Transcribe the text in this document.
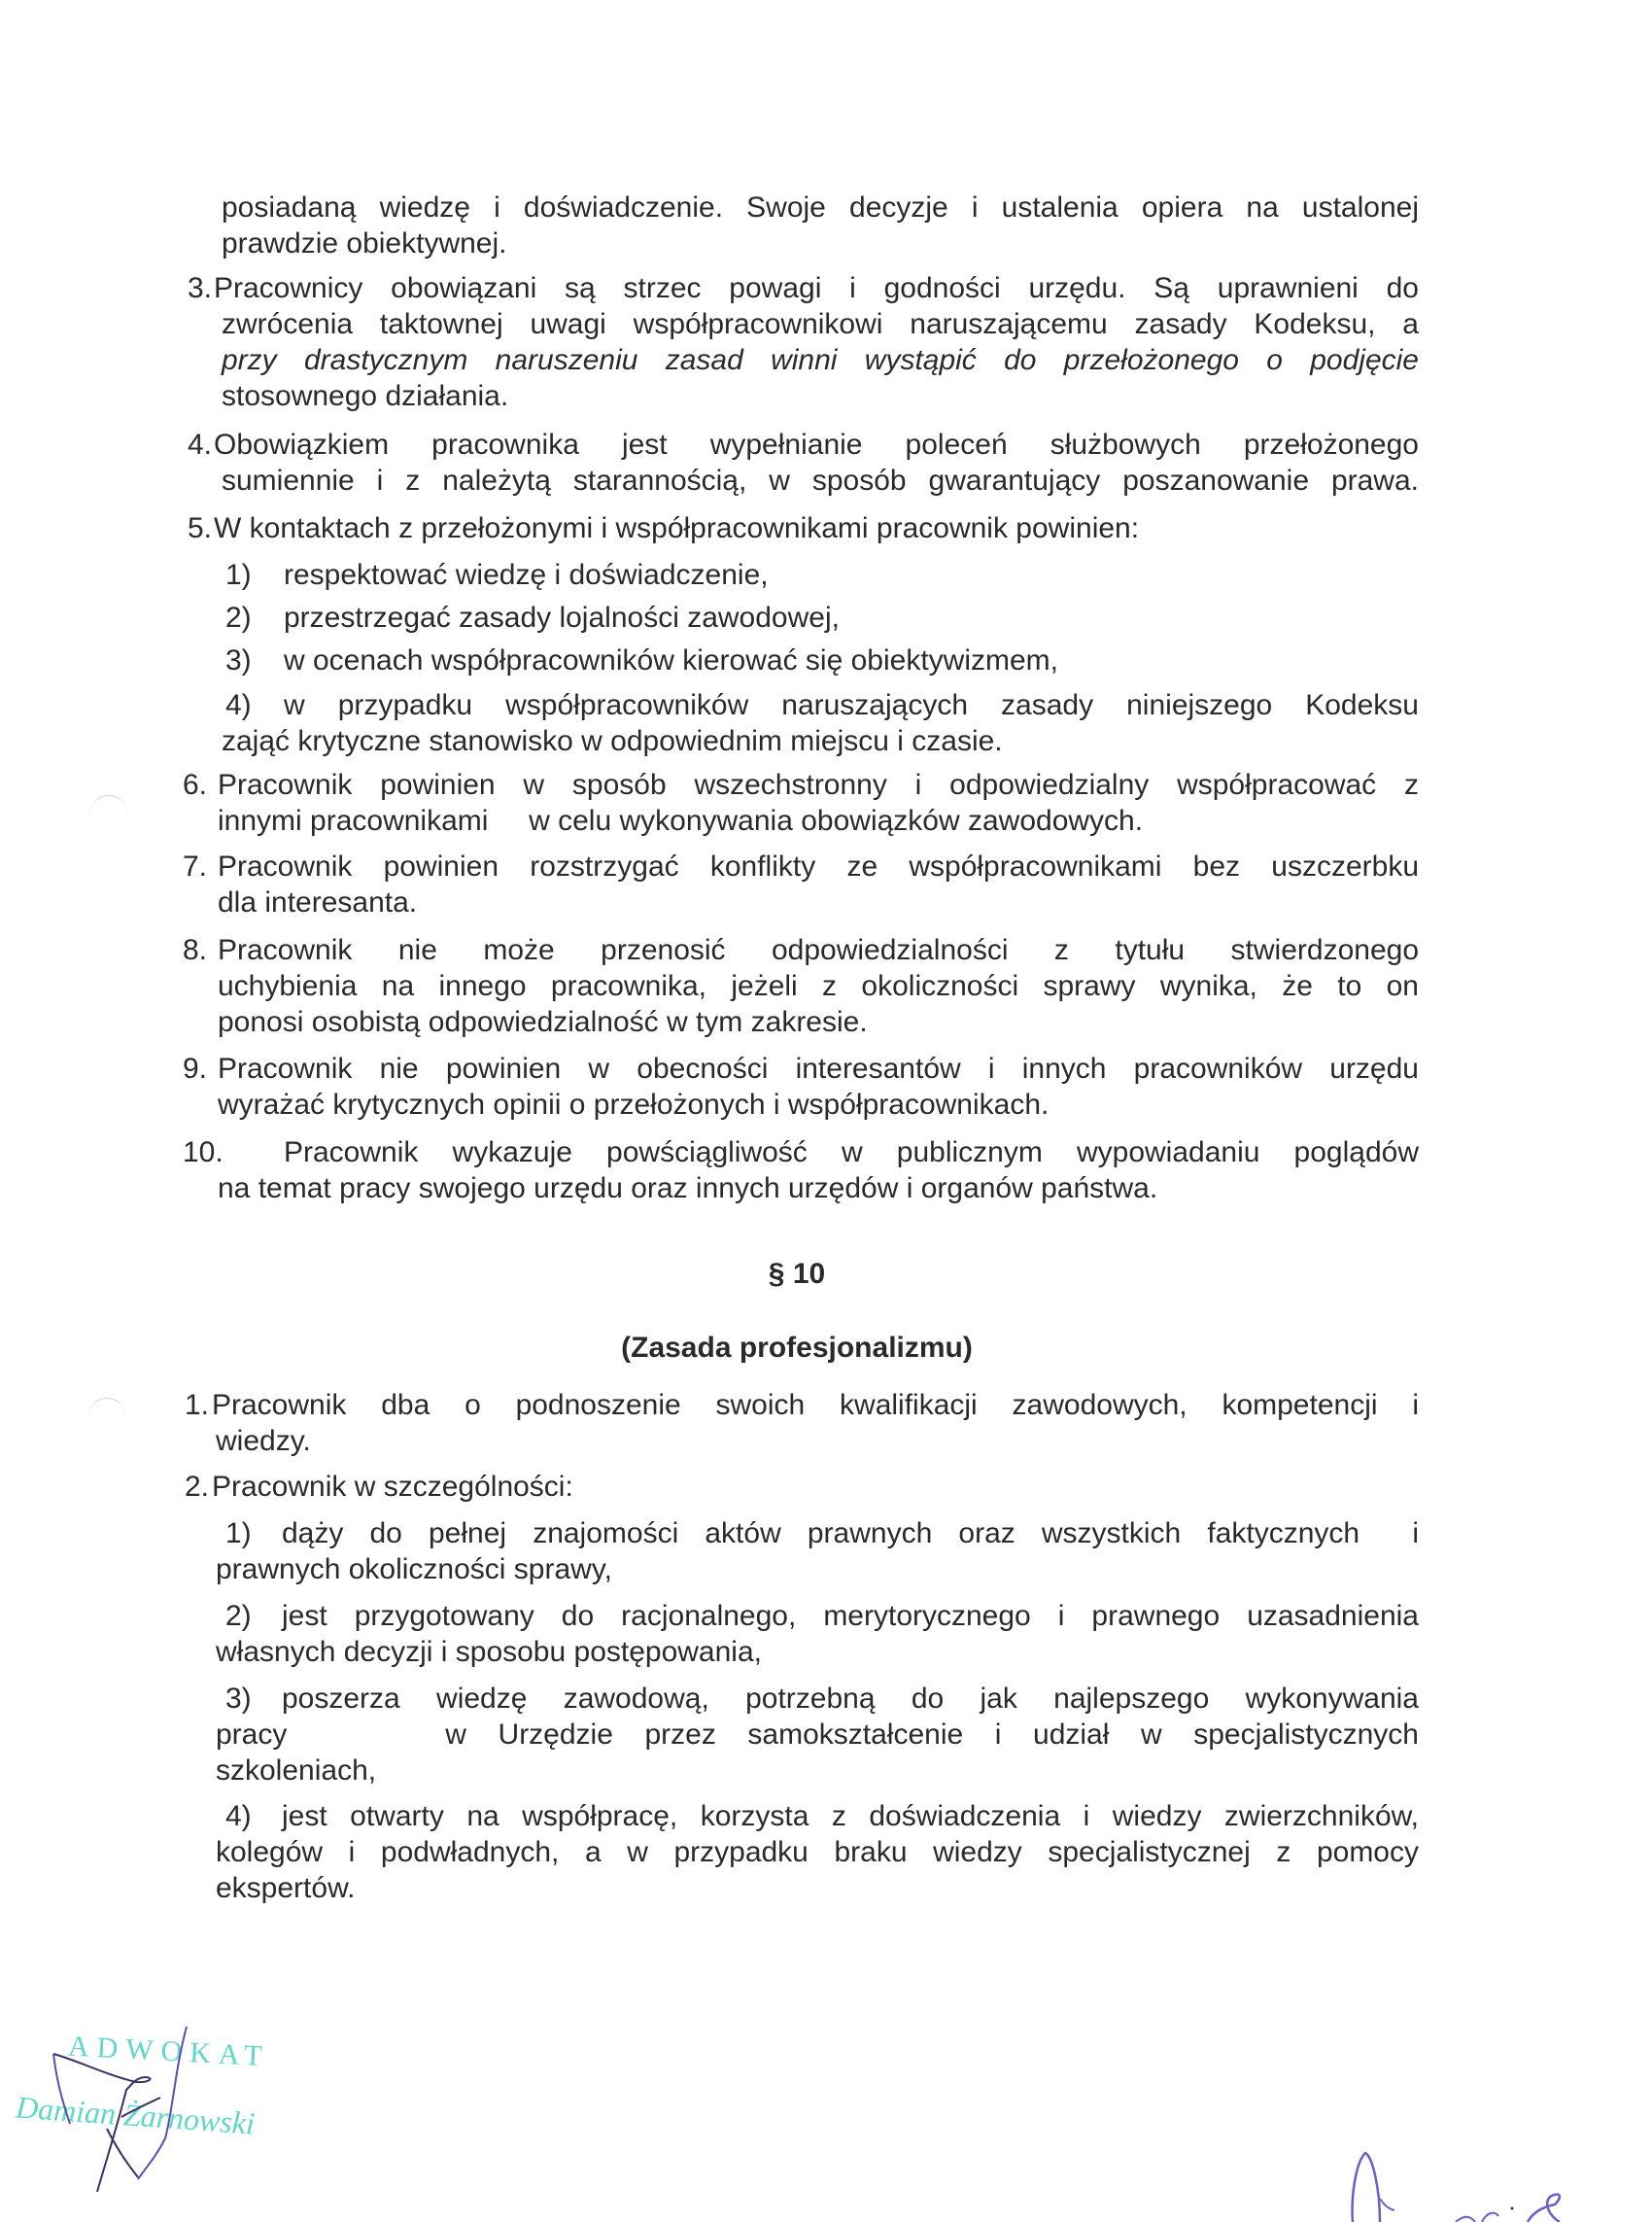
posiadaną wiedzę i doświadczenie. Swoje decyzje i ustalenia opiera na ustalonej
prawdzie obiektywnej.
3. Pracownicy obowiązani są strzec powagi i godności urzędu. Są uprawnieni do
zwrócenia taktownej uwagi współpracownikowi naruszającemu zasady Kodeksu, a
przy drastycznym naruszeniu zasad winni wystąpić do przełożonego o podjęcie
stosownego działania.
4. Obowiązkiem pracownika jest wypełnianie poleceń służbowych przełożonego
sumiennie i z należytą starannością, w sposób gwarantujący poszanowanie prawa.
5. W kontaktach z przełożonymi i współpracownikami pracownik powinien:
1) respektować wiedzę i doświadczenie,
2) przestrzegać zasady lojalności zawodowej,
3) w ocenach współpracowników kierować się obiektywizmem,
4) w przypadku współpracowników naruszających zasady niniejszego Kodeksu
zająć krytyczne stanowisko w odpowiednim miejscu i czasie.
6. Pracownik powinien w sposób wszechstronny i odpowiedzialny współpracować z
innymi pracownikami     w celu wykonywania obowiązków zawodowych.
7. Pracownik powinien rozstrzygać konflikty ze współpracownikami bez uszczerbku
dla interesanta.
8. Pracownik nie może przenosić odpowiedzialności z tytułu stwierdzonego
uchybienia na innego pracownika, jeżeli z okoliczności sprawy wynika, że to on
ponosi osobistą odpowiedzialność w tym zakresie.
9. Pracownik nie powinien w obecności interesantów i innych pracowników urzędu
wyrażać krytycznych opinii o przełożonych i współpracownikach.
10. Pracownik wykazuje powściągliwość w publicznym wypowiadaniu poglądów
na temat pracy swojego urzędu oraz innych urzędów i organów państwa.
§ 10
(Zasada profesjonalizmu)
1. Pracownik dba o podnoszenie swoich kwalifikacji zawodowych, kompetencji i
wiedzy.
2. Pracownik w szczególności:
1) dąży do pełnej znajomości aktów prawnych oraz wszystkich faktycznych  i
prawnych okoliczności sprawy,
2) jest przygotowany do racjonalnego, merytorycznego i prawnego uzasadnienia
własnych decyzji i sposobu postępowania,
3) poszerza wiedzę zawodową, potrzebną do jak najlepszego wykonywania
pracy     w Urzędzie przez samokształcenie i udział w specjalistycznych
szkoleniach,
4) jest otwarty na współpracę, korzysta z doświadczenia i wiedzy zwierzchników,
kolegów i podwładnych, a w przypadku braku wiedzy specjalistycznej z pomocy
ekspertów.
ADWOKAT
Damian Żarnowski
